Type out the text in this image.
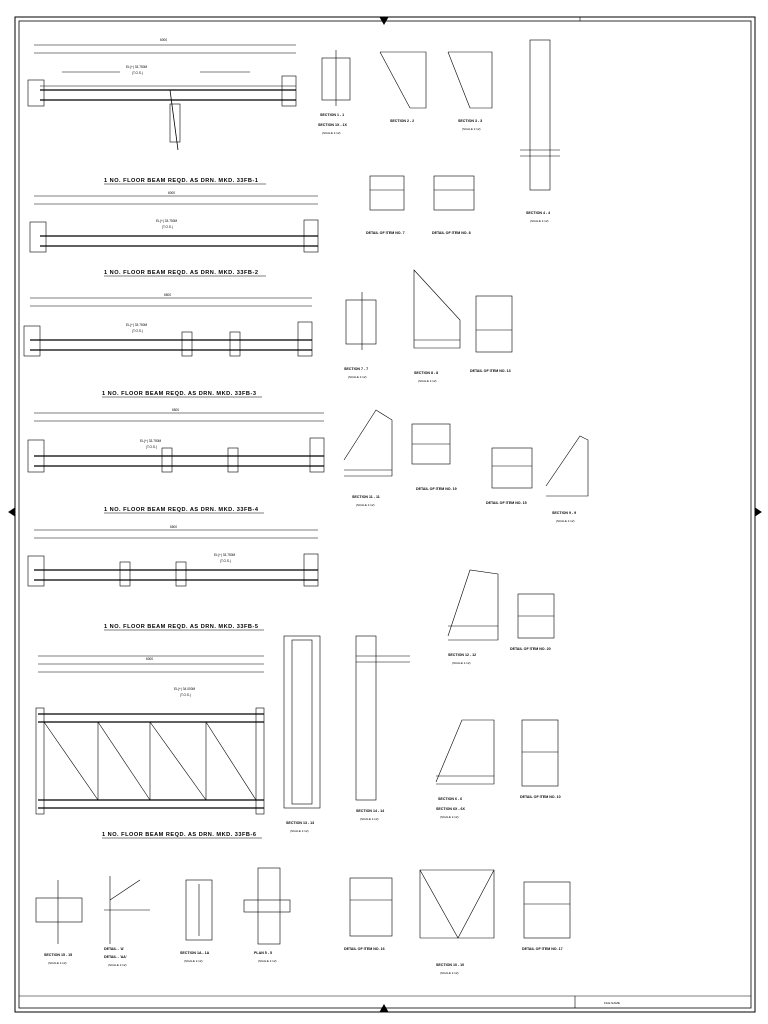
FILE NAME
6000
EL(+) 33.750M
(T.O.S.)
1 NO. FLOOR BEAM REQD. AS DRN. MKD. 33FB-1
6000
EL(+) 33.750M
(T.O.S.)
1 NO. FLOOR BEAM REQD. AS DRN. MKD. 33FB-2
6500
EL(+) 33.750M
(T.O.S.)
1 NO. FLOOR BEAM REQD. AS DRN. MKD. 33FB-3
6500
EL(+) 33.750M
(T.O.S.)
1 NO. FLOOR BEAM REQD. AS DRN. MKD. 33FB-4
6500
EL(+) 33.750M
(T.O.S.)
1 NO. FLOOR BEAM REQD. AS DRN. MKD. 33FB-5
6000
EL(+) 34.000M
(T.O.S.)
1 NO. FLOOR BEAM REQD. AS DRN. MKD. 33FB-6
SECTION 1 - 1
SECTION 1X - 1X
(SCALE 1:12)
SECTION 2 - 2	SECTION 3 - 3
(SCALE 1:12)
SECTION 4 - 4
(SCALE 1:12)
DETAIL OF ITEM NO. 7	DETAIL OF ITEM NO. 8
SECTION 7 - 7
(SCALE 1:12)
SECTION 8 - 8
(SCALE 1:12)
DETAIL OF ITEM NO. 13
SECTION 11 - 11
(SCALE 1:12)
DETAIL OF ITEM NO. 19
DETAIL OF ITEM NO. 15
SECTION 9 - 9
(SCALE 1:12)
SECTION 12 - 12
(SCALE 1:12)
DETAIL OF ITEM NO. 20
SECTION 13 - 13
(SCALE 1:12)
SECTION 14 - 14
(SCALE 1:12)
SECTION 6 - 6
SECTION 6X - 6X
(SCALE 1:12)
DETAIL OF ITEM NO. 10
SECTION 15 - 15
(SCALE 1:12)
DETAIL - 'A'
DETAIL - 'AA'
(SCALE 1:12)
SECTION 1A - 1A
(SCALE 1:12)
PLAN 5 - 5
(SCALE 1:12)
DETAIL OF ITEM NO. 16
SECTION 10 - 10
(SCALE 1:12)
DETAIL OF ITEM NO. 17
